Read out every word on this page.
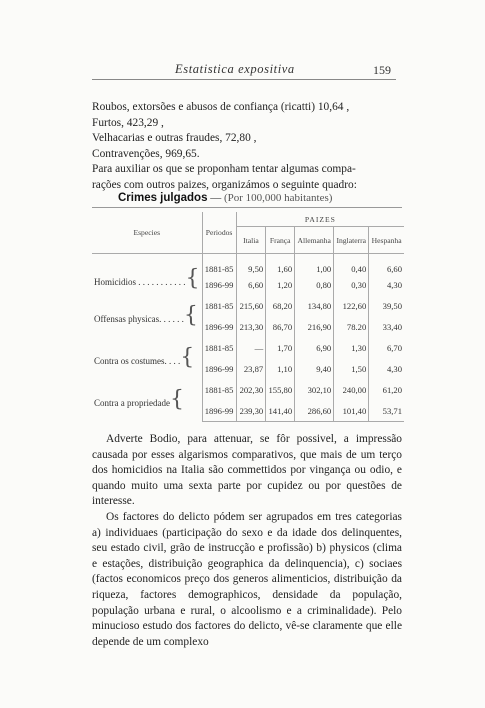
Estatistica expositiva	159

Roubos, extorsões e abusos de confiança (ricatti) 10,64 ,

Furtos, 423,29 ,

Velhacarias e outras fraudes, 72,80 ,

Contravenções, 969,65.

Para auxiliar os que se proponham tentar algumas compa-

rações com outros paizes, organizámos o seguinte quadro:

Crimes julgados — (Por 100,000 habitantes)
Especies	Periodos	PAIZES				
		Italia	França	Allemanha	Inglaterra	Hespanha
Homicidios . . . . . . . . . . .{	1881-85	9,50	1,60	1,00	0,40	6,60
	1896-99	6,60	1,20	0,80	0,30	4,30
Offensas physicas. . . . . .{	1881-85	215,60	68,20	134,80	122,60	39,50
	1896-99	213,30	86,70	216,90	78.20	33,40
Contra os costumes. . . .{	1881-85	—	1,70	6,90	1,30	6,70
	1896-99	23,87	1,10	9,40	1,50	4,30
Contra a propriedade{	1881-85	202,30	155,80	302,10	240,00	61,20
	1896-99	239,30	141,40	286,60	101,40	53,71

Adverte Bodio, para attenuar, se fôr possivel, a impressão causada por esses algarismos comparativos, que mais de um terço dos homicidios na Italia são commettidos por vingança ou odio, e quando muito uma sexta parte por cupidez ou por questões de interesse.

Os factores do delicto pódem ser agrupados em tres categorias a) individuaes (participação do sexo e da idade dos delinquentes, seu estado civil, grão de instrucção e profissão) b) physicos (clima e estações, distribuição geographica da delinquencia), c) sociaes (factos economicos preço dos generos alimenticios, distribuição da riqueza, factores demographicos, densidade da população, população urbana e rural, o alcoolismo e a criminalidade). Pelo minucioso estudo dos factores do delicto, vê-se claramente que elle depende de um complexo
